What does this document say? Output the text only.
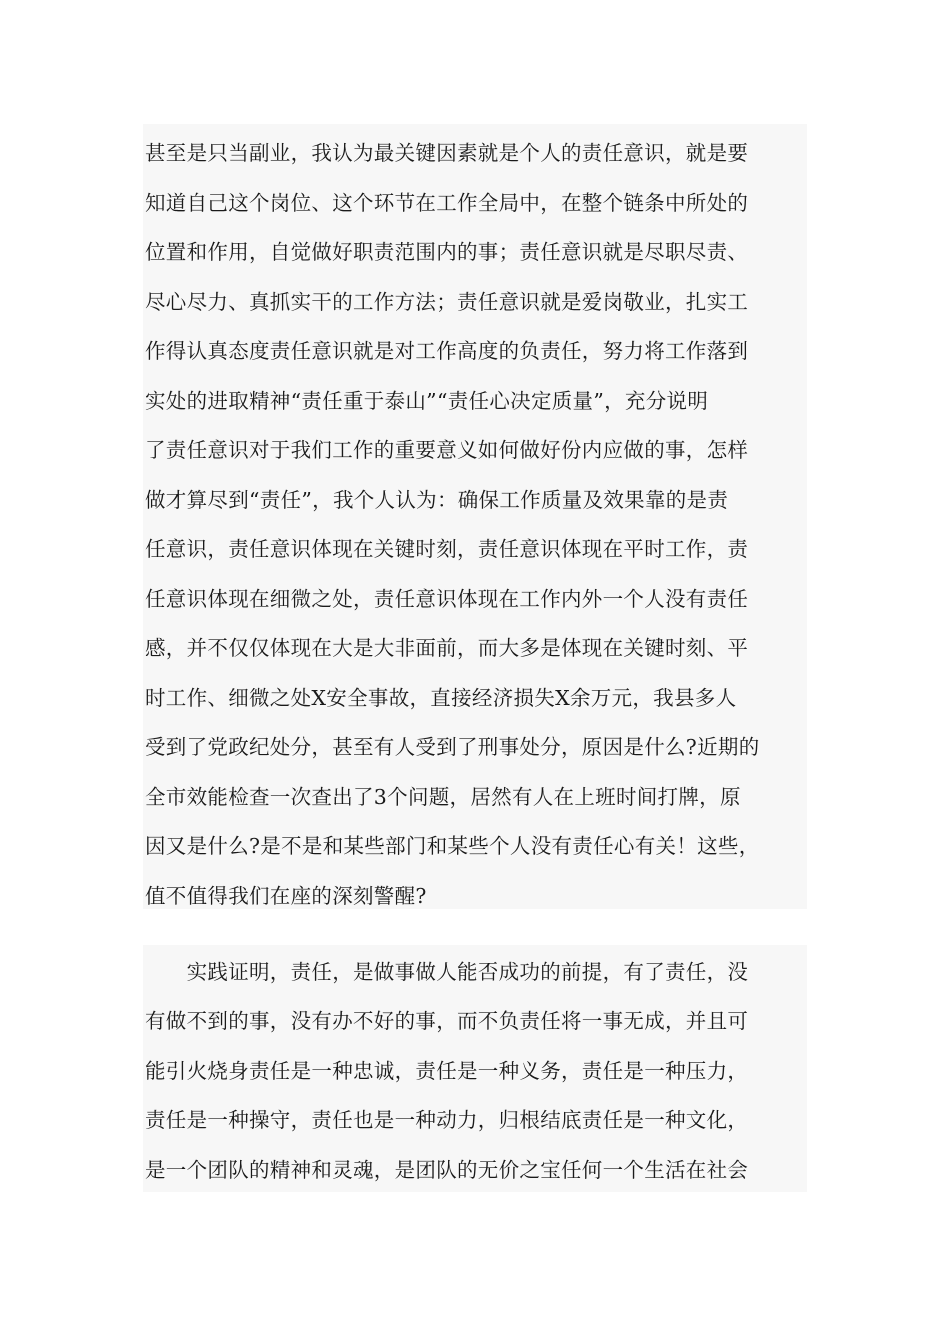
甚至是只当副业，我认为最关键因素就是个人的责任意识，就是要
知道自己这个岗位、这个环节在工作全局中，在整个链条中所处的
位置和作用，自觉做好职责范围内的事；责任意识就是尽职尽责、
尽心尽力、真抓实干的工作方法；责任意识就是爱岗敬业，扎实工
作得认真态度责任意识就是对工作高度的负责任，努力将工作落到
实处的进取精神“责任重于泰山”“责任心决定质量”，充分说明
了责任意识对于我们工作的重要意义如何做好份内应做的事，怎样
做才算尽到“责任”，我个人认为：确保工作质量及效果靠的是责
任意识，责任意识体现在关键时刻，责任意识体现在平时工作，责
任意识体现在细微之处，责任意识体现在工作内外一个人没有责任
感，并不仅仅体现在大是大非面前，而大多是体现在关键时刻、平
时工作、细微之处X安全事故，直接经济损失X余万元，我县多人
受到了党政纪处分，甚至有人受到了刑事处分，原因是什么?近期的
全市效能检查一次查出了3个问题，居然有人在上班时间打牌，原
因又是什么?是不是和某些部门和某些个人没有责任心有关！这些，
值不值得我们在座的深刻警醒?
　　实践证明，责任，是做事做人能否成功的前提，有了责任，没
有做不到的事，没有办不好的事，而不负责任将一事无成，并且可
能引火烧身责任是一种忠诚，责任是一种义务，责任是一种压力，
责任是一种操守，责任也是一种动力，归根结底责任是一种文化，
是一个团队的精神和灵魂，是团队的无价之宝任何一个生活在社会
